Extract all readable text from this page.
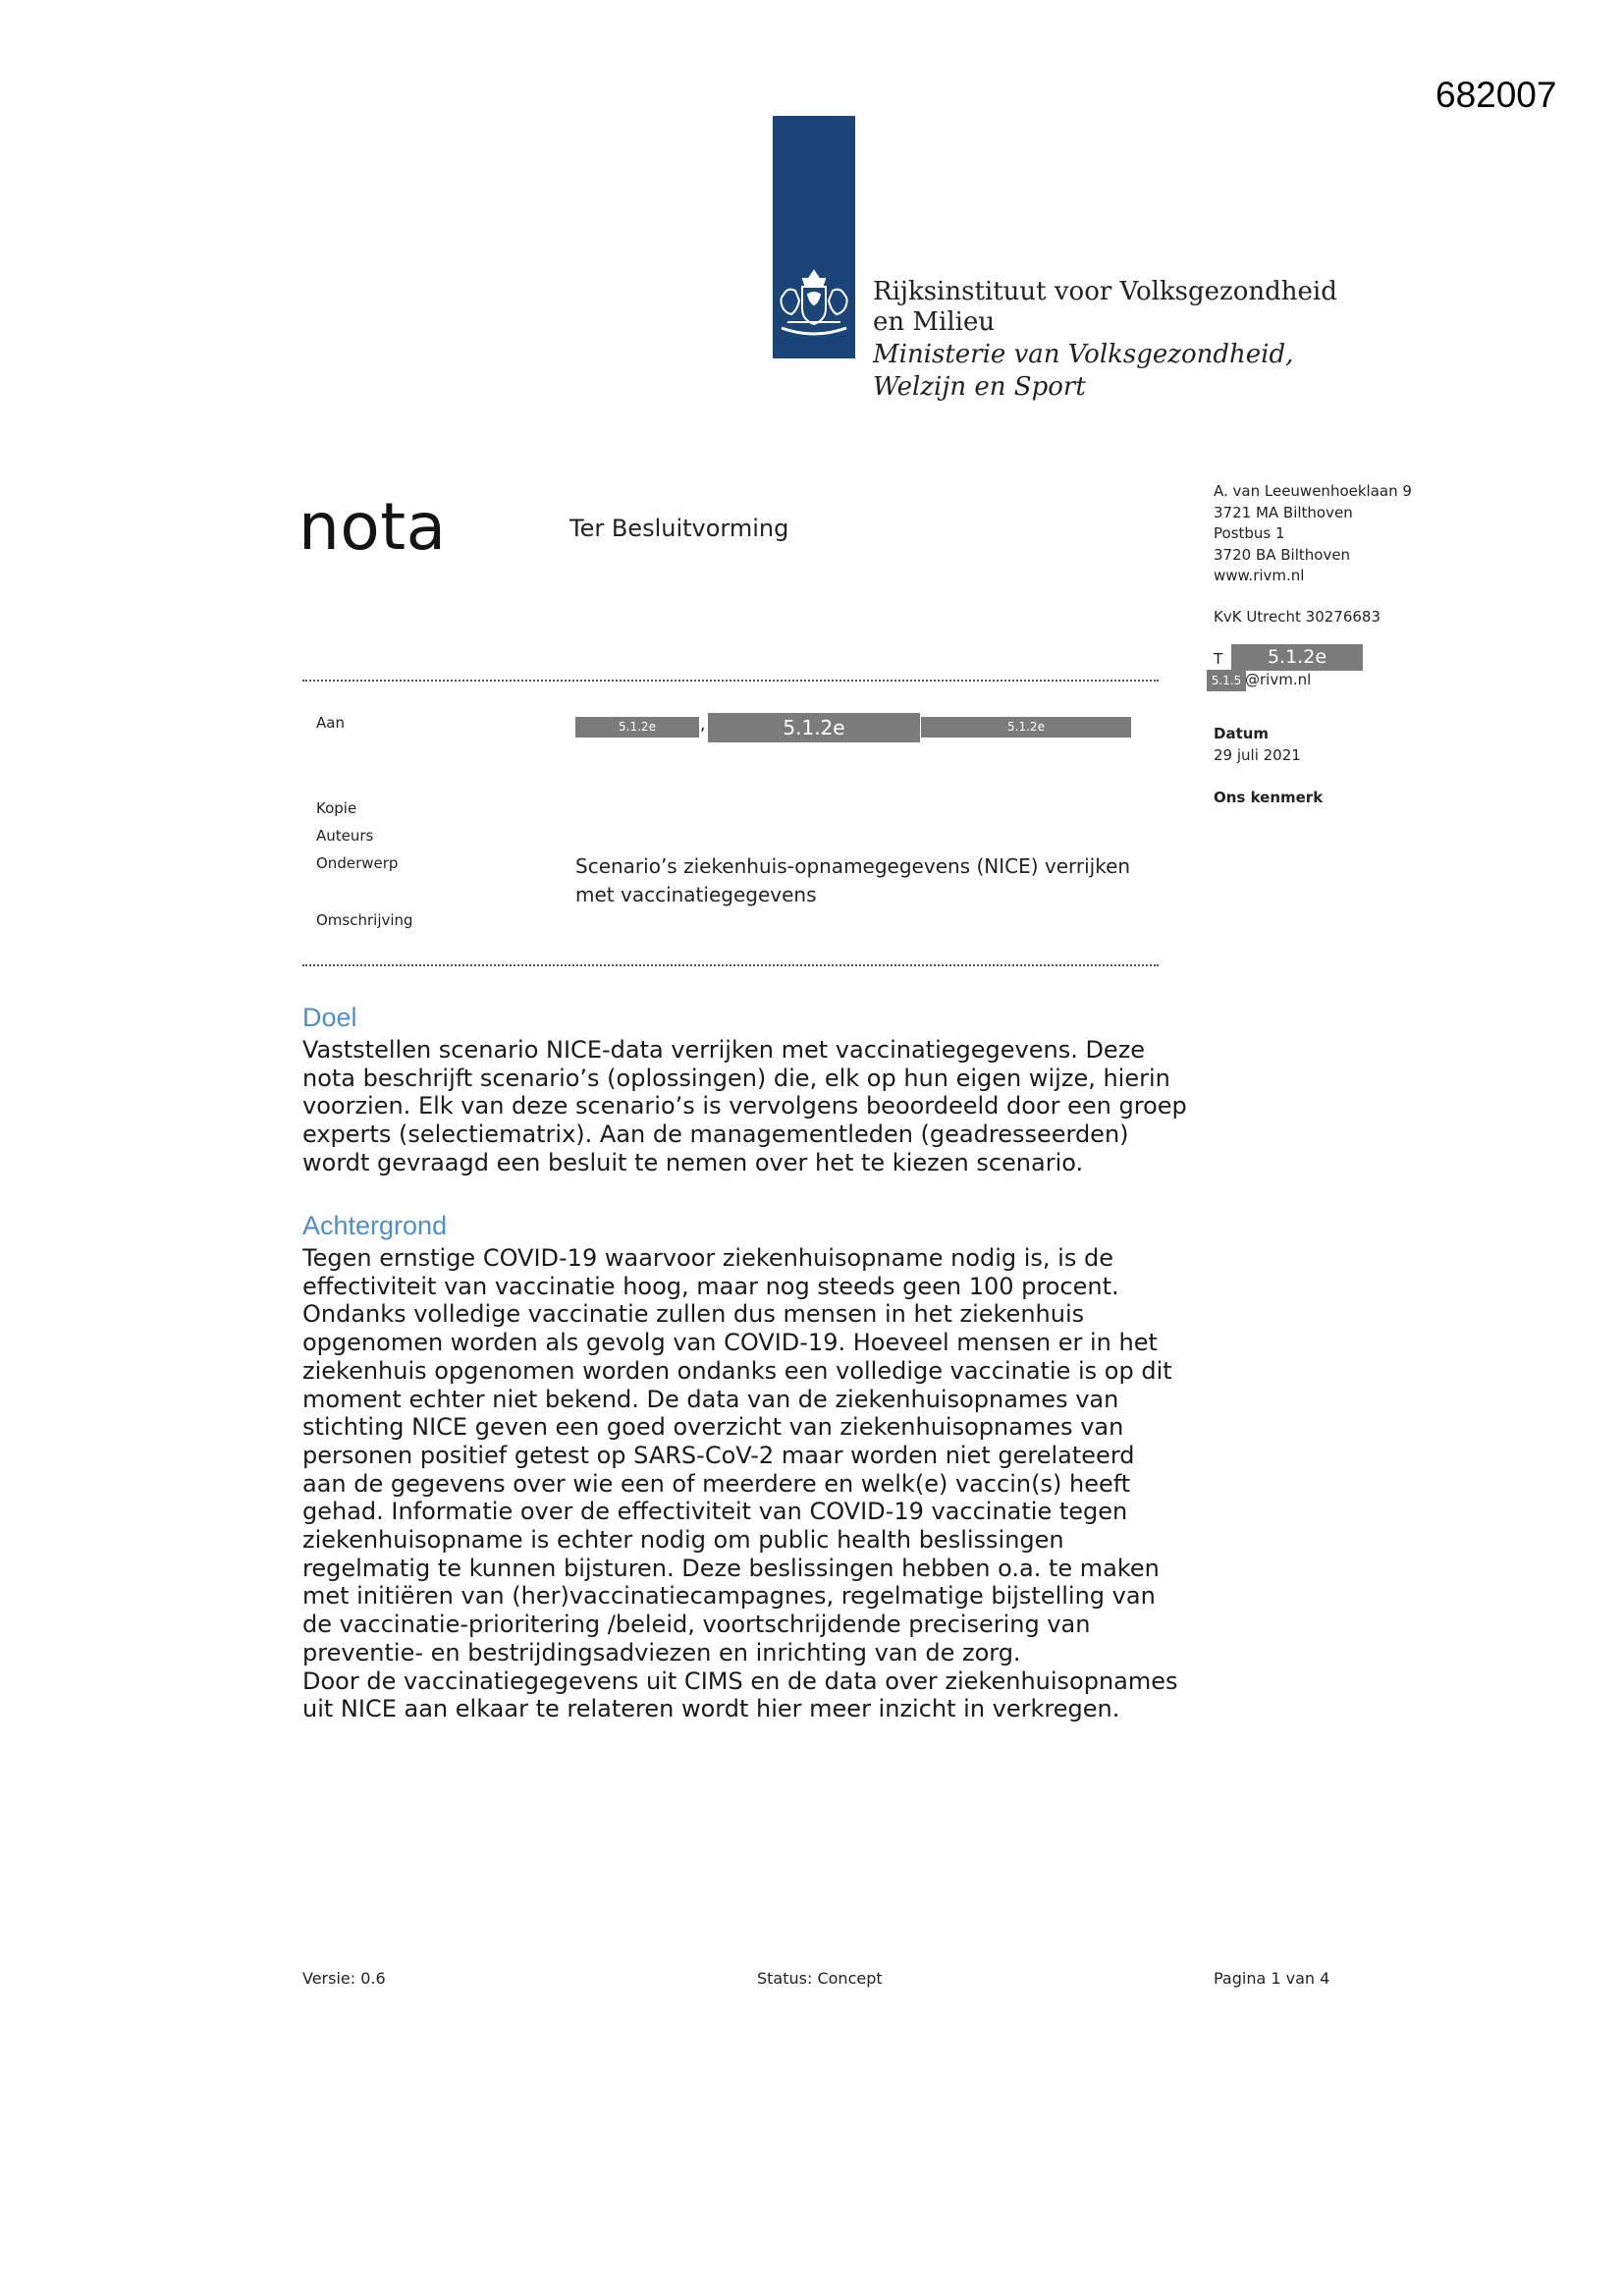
682007
Rijksinstituut voor Volksgezondheid
en Milieu
Ministerie van Volksgezondheid,
Welzijn en Sport
nota	Ter Besluitvorming
A. van Leeuwenhoeklaan 9
3721 MA Bilthoven
Postbus 1
3720 BA Bilthoven
www.rivm.nl
KvK Utrecht 30276683
T	5.1.2e
5.1.5 @rivm.nl
Datum
29 juli 2021
Ons kenmerk
Aan	5.1.2e	,	5.1.2e	5.1.2e
Kopie
Auteurs
Onderwerp	Scenario’s ziekenhuis-opnamegegevens (NICE) verrijken met vaccinatiegegevens
Omschrijving
Doel
Vaststellen scenario NICE-data verrijken met vaccinatiegegevens. Deze
nota beschrijft scenario’s (oplossingen) die, elk op hun eigen wijze, hierin
voorzien. Elk van deze scenario’s is vervolgens beoordeeld door een groep
experts (selectiematrix). Aan de managementleden (geadresseerden)
wordt gevraagd een besluit te nemen over het te kiezen scenario.
Achtergrond
Tegen ernstige COVID-19 waarvoor ziekenhuisopname nodig is, is de
effectiviteit van vaccinatie hoog, maar nog steeds geen 100 procent.
Ondanks volledige vaccinatie zullen dus mensen in het ziekenhuis
opgenomen worden als gevolg van COVID-19. Hoeveel mensen er in het
ziekenhuis opgenomen worden ondanks een volledige vaccinatie is op dit
moment echter niet bekend. De data van de ziekenhuisopnames van
stichting NICE geven een goed overzicht van ziekenhuisopnames van
personen positief getest op SARS-CoV-2 maar worden niet gerelateerd
aan de gegevens over wie een of meerdere en welk(e) vaccin(s) heeft
gehad. Informatie over de effectiviteit van COVID-19 vaccinatie tegen
ziekenhuisopname is echter nodig om public health beslissingen
regelmatig te kunnen bijsturen. Deze beslissingen hebben o.a. te maken
met initiëren van (her)vaccinatiecampagnes, regelmatige bijstelling van
de vaccinatie-prioritering /beleid, voortschrijdende precisering van
preventie- en bestrijdingsadviezen en inrichting van de zorg.
Door de vaccinatiegegevens uit CIMS en de data over ziekenhuisopnames
uit NICE aan elkaar te relateren wordt hier meer inzicht in verkregen.
Versie: 0.6	Status: Concept	Pagina 1 van 4
